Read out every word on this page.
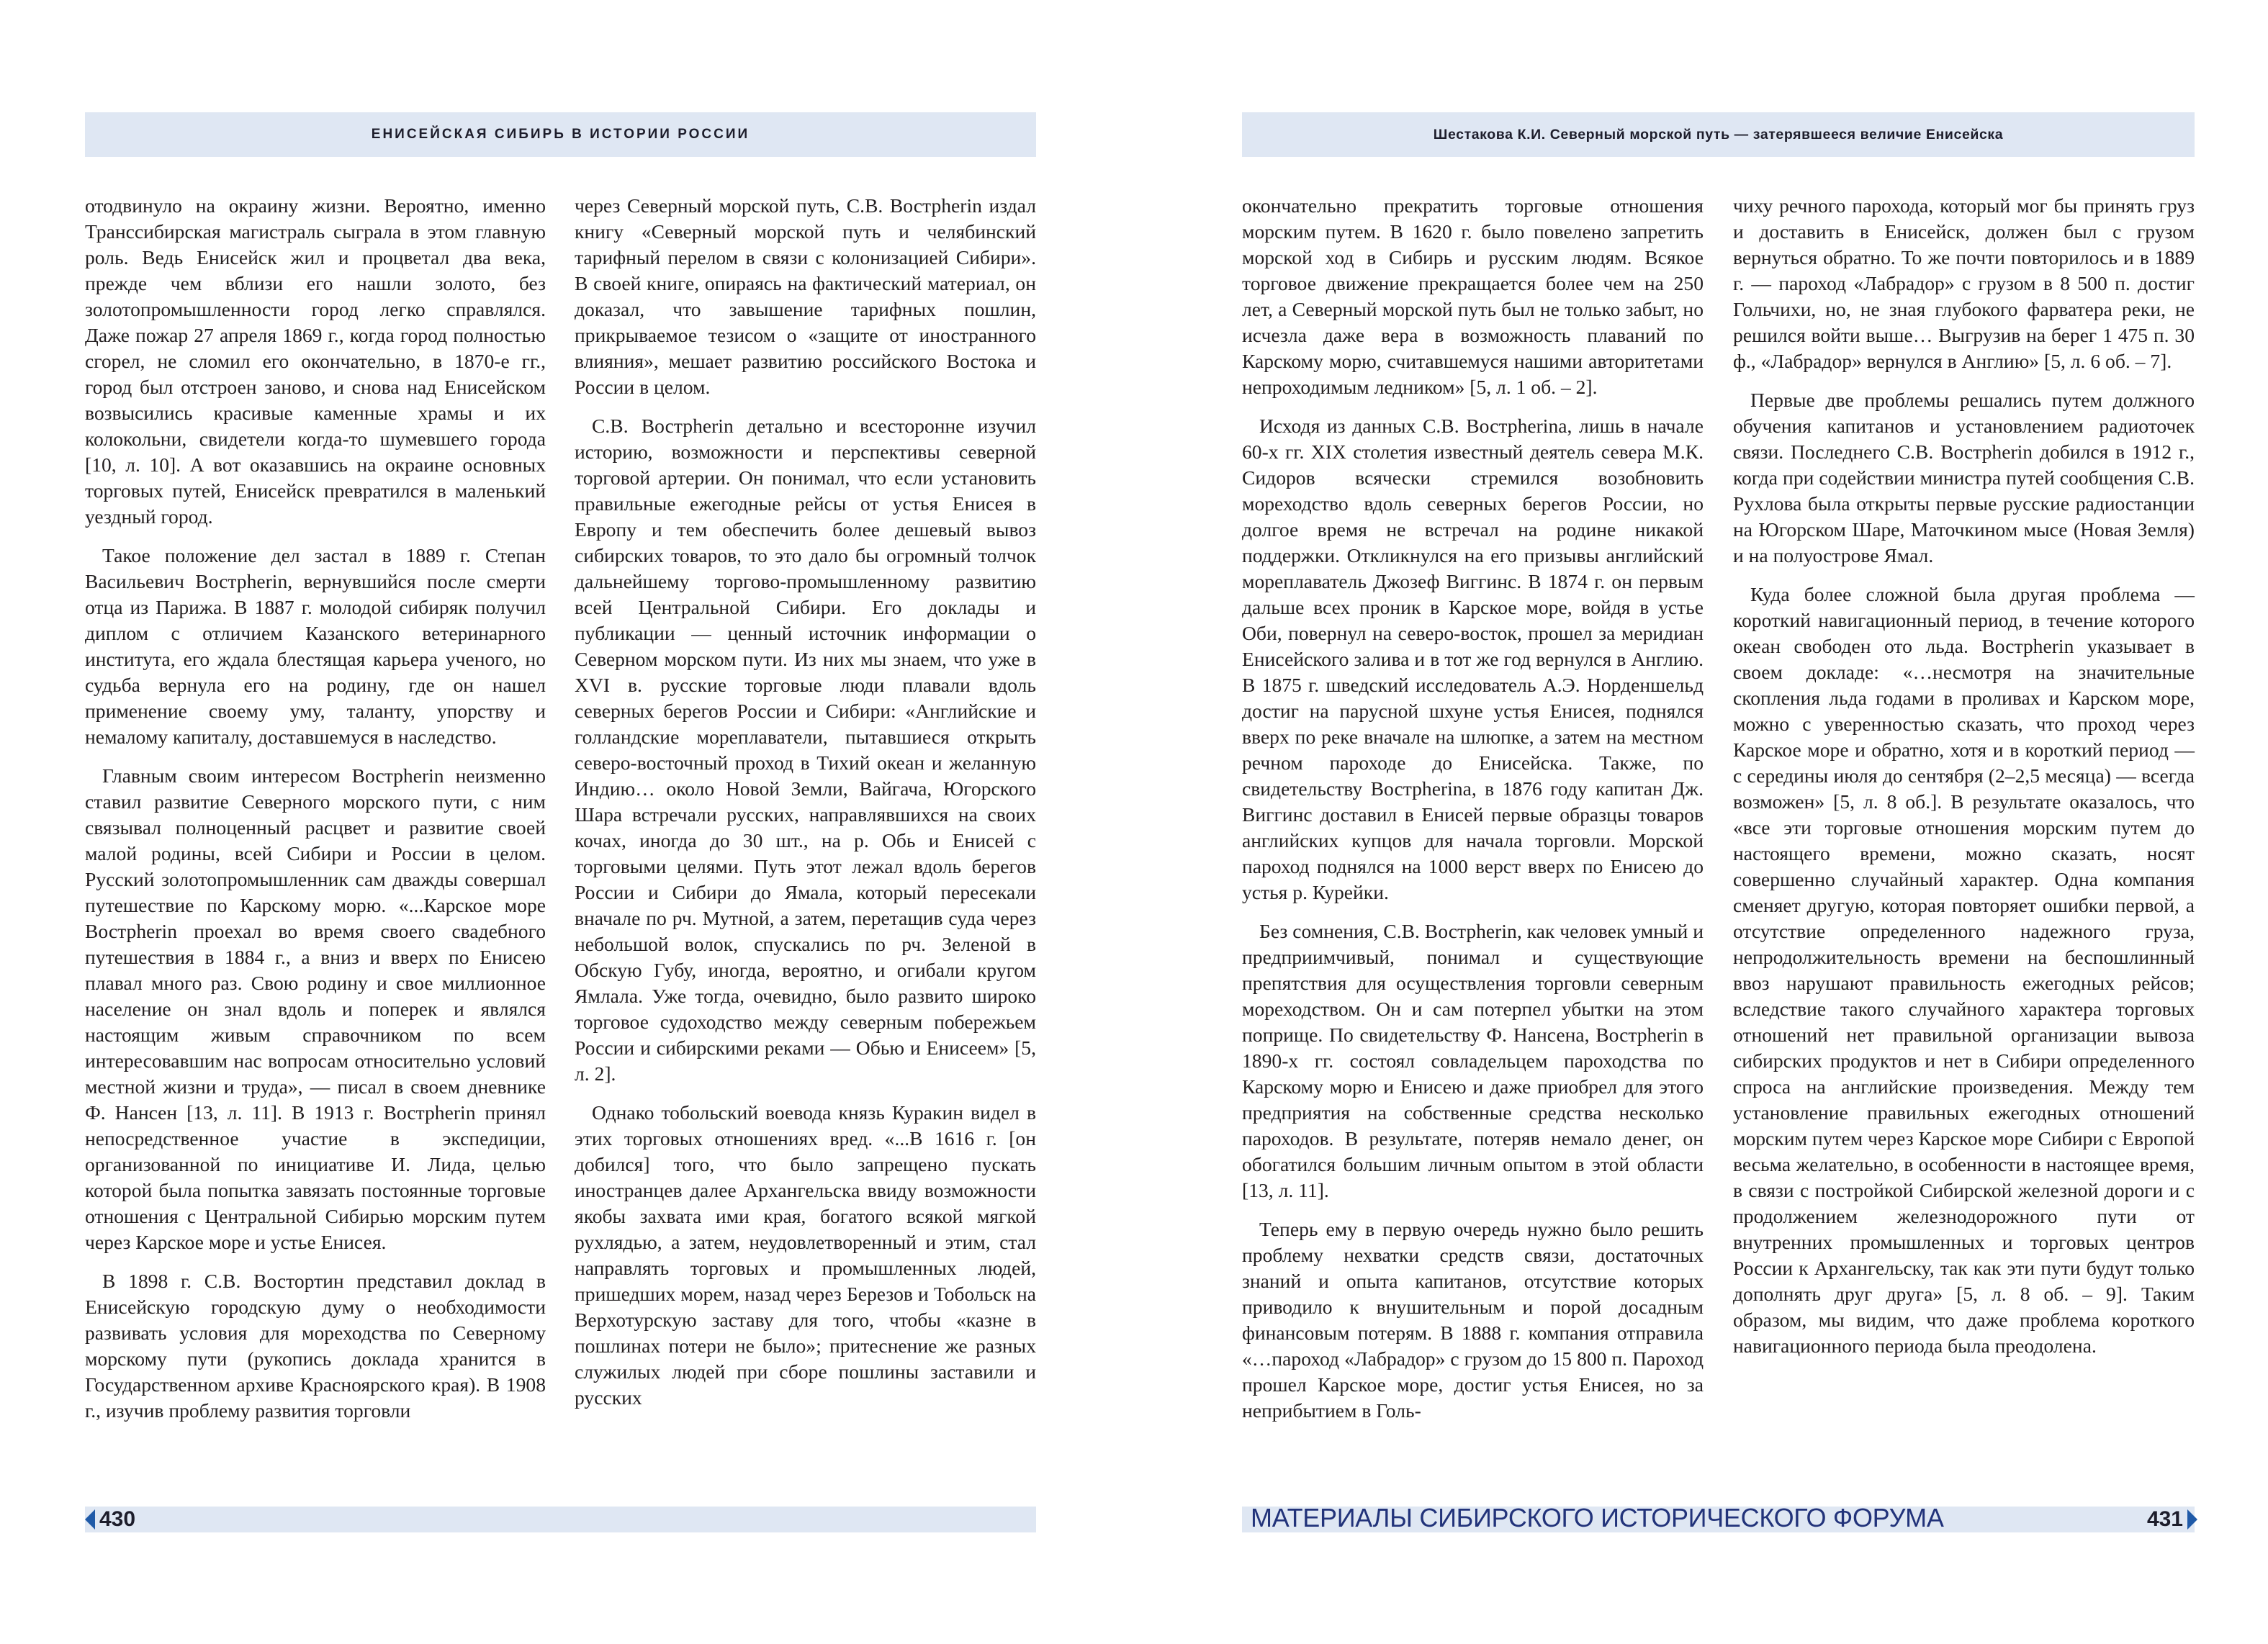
ЕНИСЕЙСКАЯ СИБИРЬ В ИСТОРИИ РОССИИ

отодвинуло на окраину жизни. Вероятно, именно Транссибирская магистраль сыграла в этом главную роль. Ведь Енисейск жил и процветал два века, прежде чем вблизи его нашли золото, без золотопромышленности город легко справлялся. Даже пожар 27 апреля 1869 г., когда город полностью сгорел, не сломил его окончательно, в 1870-е гг., город был отстроен заново, и снова над Енисейском возвысились красивые каменные храмы и их колокольни, свидетели когда-то шумевшего города [10, л. 10]. А вот оказавшись на окраине основных торговых путей, Енисейск превратился в маленький уездный город.

Такое положение дел застал в 1889 г. Степан Васильевич Вострherin, вернувшийся после смерти отца из Парижа. В 1887 г. молодой сибиряк получил диплом с отличием Казанского ветеринарного института, его ждала блестящая карьера ученого, но судьба вернула его на родину, где он нашел применение своему уму, таланту, упорству и немалому капиталу, доставшемуся в наследство.

Главным своим интересом Вострherin неизменно ставил развитие Северного морского пути, с ним связывал полноценный расцвет и развитие своей малой родины, всей Сибири и России в целом. Русский золотопромышленник сам дважды совершал путешествие по Карскому морю. «...Карское море Вострherin проехал во время своего свадебного путешествия в 1884 г., а вниз и вверх по Енисею плавал много раз. Свою родину и свое миллионное население он знал вдоль и поперек и являлся настоящим живым справочником по всем интересовавшим нас вопросам относительно условий местной жизни и труда», — писал в своем дневнике Ф. Нансен [13, л. 11]. В 1913 г. Вострherin принял непосредственное участие в экспедиции, организованной по инициативе И. Лида, целью которой была попытка завязать постоянные торговые отношения с Центральной Сибирью морским путем через Карское море и устье Енисея.

В 1898 г. С.В. Востортин представил доклад в Енисейскую городскую думу о необходимости развивать условия для мореходства по Северному морскому пути (рукопись доклада хранится в Государственном архиве Красноярского края). В 1908 г., изучив проблему развития торговли

через Северный морской путь, С.В. Вострherin издал книгу «Северный морской путь и челябинский тарифный перелом в связи с колонизацией Сибири». В своей книге, опираясь на фактический материал, он доказал, что завышение тарифных пошлин, прикрываемое тезисом о «защите от иностранного влияния», мешает развитию российского Востока и России в целом.

С.В. Вострherin детально и всесторонне изучил историю, возможности и перспективы северной торговой артерии. Он понимал, что если установить правильные ежегодные рейсы от устья Енисея в Европу и тем обеспечить более дешевый вывоз сибирских товаров, то это дало бы огромный толчок дальнейшему торгово-промышленному развитию всей Центральной Сибири. Его доклады и публикации — ценный источник информации о Северном морском пути. Из них мы знаем, что уже в XVI в. русские торговые люди плавали вдоль северных берегов России и Сибири: «Английские и голландские мореплаватели, пытавшиеся открыть северо-восточный проход в Тихий океан и желанную Индию… около Новой Земли, Вайгача, Югорского Шара встречали русских, направлявшихся на своих кочах, иногда до 30 шт., на р. Обь и Енисей с торговыми целями. Путь этот лежал вдоль берегов России и Сибири до Ямала, который пересекали вначале по рч. Мутной, а затем, перетащив суда через небольшой волок, спускались по рч. Зеленой в Обскую Губу, иногда, вероятно, и огибали кругом Ямлала. Уже тогда, очевидно, было развито широко торговое судоходство между северным побережьем России и сибирскими реками — Обью и Енисеем» [5, л. 2].

Однако тобольский воевода князь Куракин видел в этих торговых отношениях вред. «...В 1616 г. [он добился] того, что было запрещено пускать иностранцев далее Архангельска ввиду возможности якобы захвата ими края, богатого всякой мягкой рухлядью, а затем, неудовлетворенный и этим, стал направлять торговых и промышленных людей, пришедших морем, назад через Березов и Тобольск на Верхотурскую заставу для того, чтобы «казне в пошлинах потери не было»; притеснение же разных служилых людей при сборе пошлины заставили и русских

430
Шестакова К.И. Северный морской путь — затерявшееся величие Енисейска

окончательно прекратить торговые отношения морским путем. В 1620 г. было повелено запретить морской ход в Сибирь и русским людям. Всякое торговое движение прекращается более чем на 250 лет, а Северный морской путь был не только забыт, но исчезла даже вера в возможность плаваний по Карскому морю, считавшемуся нашими авторитетами непроходимым ледником» [5, л. 1 об. – 2].

Исходя из данных С.В. Вострherina, лишь в начале 60-х гг. XIX столетия известный деятель севера М.К. Сидоров всячески стремился возобновить мореходство вдоль северных берегов России, но долгое время не встречал на родине никакой поддержки. Откликнулся на его призывы английский мореплаватель Джозеф Виггинс. В 1874 г. он первым дальше всех проник в Карское море, войдя в устье Оби, повернул на северо-восток, прошел за меридиан Енисейского залива и в тот же год вернулся в Англию. В 1875 г. шведский исследователь А.Э. Норденшельд достиг на парусной шхуне устья Енисея, поднялся вверх по реке вначале на шлюпке, а затем на местном речном пароходе до Енисейска. Также, по свидетельству Вострherina, в 1876 году капитан Дж. Виггинс доставил в Енисей первые образцы товаров английских купцов для начала торговли. Морской пароход поднялся на 1000 верст вверх по Енисею до устья р. Курейки.

Без сомнения, С.В. Вострherin, как человек умный и предприимчивый, понимал и существующие препятствия для осуществления торговли северным мореходством. Он и сам потерпел убытки на этом поприще. По свидетельству Ф. Нансена, Вострherin в 1890-х гг. состоял совладельцем пароходства по Карскому морю и Енисею и даже приобрел для этого предприятия на собственные средства несколько пароходов. В результате, потеряв немало денег, он обогатился большим личным опытом в этой области [13, л. 11].

Теперь ему в первую очередь нужно было решить проблему нехватки средств связи, достаточных знаний и опыта капитанов, отсутствие которых приводило к внушительным и порой досадным финансовым потерям. В 1888 г. компания отправила «…пароход «Лабрадор» с грузом до 15 800 п. Пароход прошел Карское море, достиг устья Енисея, но за неприбытием в Голь-

чиху речного парохода, который мог бы принять груз и доставить в Енисейск, должен был с грузом вернуться обратно. То же почти повторилось и в 1889 г. — пароход «Лабрадор» с грузом в 8 500 п. достиг Гольчихи, но, не зная глубокого фарватера реки, не решился войти выше… Выгрузив на берег 1 475 п. 30 ф., «Лабрадор» вернулся в Англию» [5, л. 6 об. – 7].

Первые две проблемы решались путем должного обучения капитанов и установлением радиоточек связи. Последнего С.В. Вострherin добился в 1912 г., когда при содействии министра путей сообщения С.В. Рухлова была открыты первые русские радиостанции на Югорском Шаре, Маточкином мысе (Новая Земля) и на полуострове Ямал.

Куда более сложной была другая проблема — короткий навигационный период, в течение которого океан свободен ото льда. Вострherin указывает в своем докладе: «…несмотря на значительные скопления льда годами в проливах и Карском море, можно с уверенностью сказать, что проход через Карское море и обратно, хотя и в короткий период — с середины июля до сентября (2–2,5 месяца) — всегда возможен» [5, л. 8 об.]. В результате оказалось, что «все эти торговые отношения морским путем до настоящего времени, можно сказать, носят совершенно случайный характер. Одна компания сменяет другую, которая повторяет ошибки первой, а отсутствие определенного надежного груза, непродолжительность времени на беспошлинный ввоз нарушают правильность ежегодных рейсов; вследствие такого случайного характера торговых отношений нет правильной организации вывоза сибирских продуктов и нет в Сибири определенного спроса на английские произведения. Между тем установление правильных ежегодных отношений морским путем через Карское море Сибири с Европой весьма желательно, в особенности в настоящее время, в связи с постройкой Сибирской железной дороги и с продолжением железнодорожного пути от внутренних промышленных и торговых центров России к Архангельску, так как эти пути будут только дополнять друг друга» [5, л. 8 об. – 9]. Таким образом, мы видим, что даже проблема короткого навигационного периода была преодолена.

МАТЕРИАЛЫ СИБИРСКОГО ИСТОРИЧЕСКОГО ФОРУМА	431
